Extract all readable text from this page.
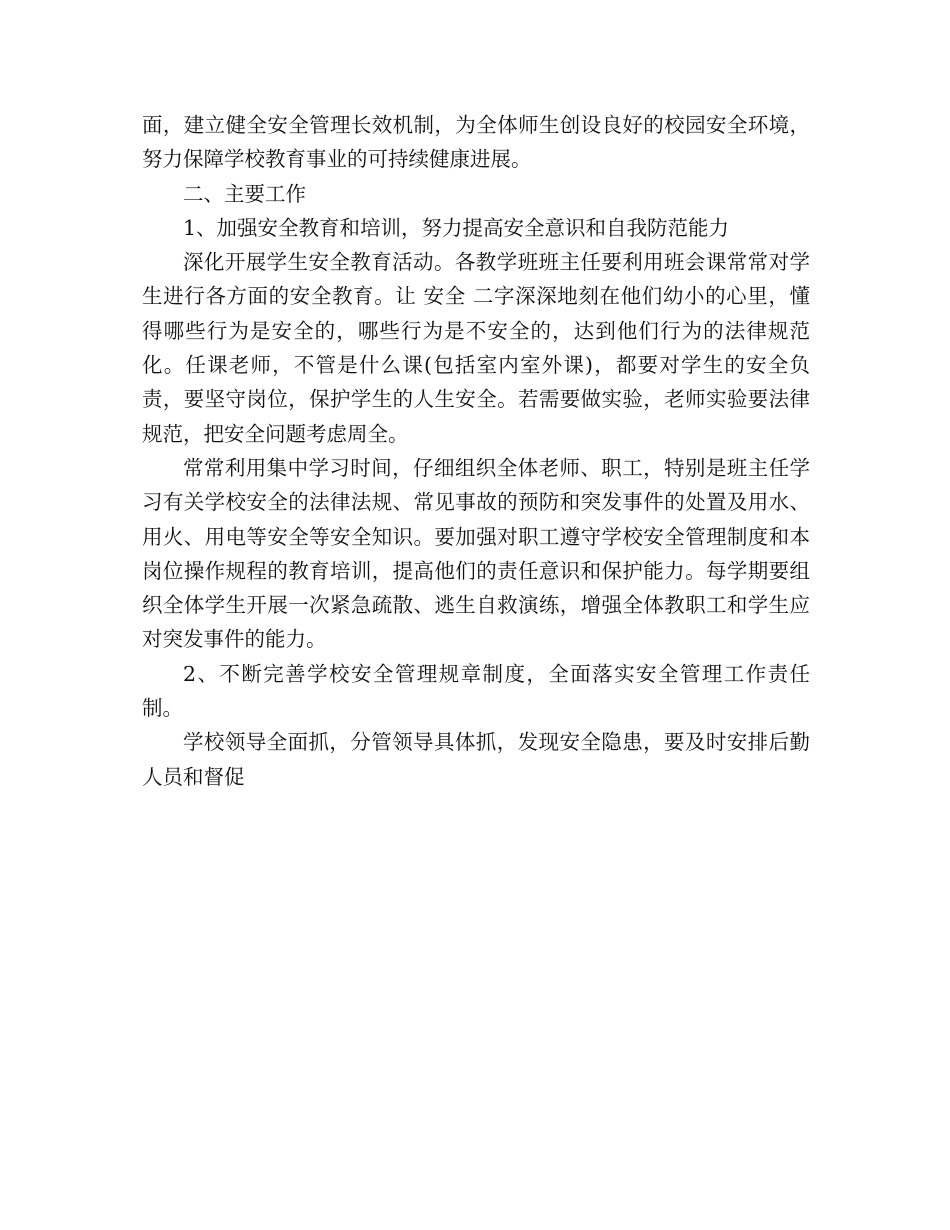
面，建立健全安全管理长效机制，为全体师生创设良好的校园安全环境，努力保障学校教育事业的可持续健康进展。

二、主要工作

1、加强安全教育和培训，努力提高安全意识和自我防范能力

深化开展学生安全教育活动。各教学班班主任要利用班会课常常对学生进行各方面的安全教育。让 安全 二字深深地刻在他们幼小的心里，懂得哪些行为是安全的，哪些行为是不安全的，达到他们行为的法律规范化。任课老师，不管是什么课(包括室内室外课)，都要对学生的安全负责，要坚守岗位，保护学生的人生安全。若需要做实验，老师实验要法律规范，把安全问题考虑周全。

常常利用集中学习时间，仔细组织全体老师、职工，特别是班主任学习有关学校安全的法律法规、常见事故的预防和突发事件的处置及用水、用火、用电等安全等安全知识。要加强对职工遵守学校安全管理制度和本岗位操作规程的教育培训，提高他们的责任意识和保护能力。每学期要组织全体学生开展一次紧急疏散、逃生自救演练，增强全体教职工和学生应对突发事件的能力。

2、不断完善学校安全管理规章制度，全面落实安全管理工作责任制。

学校领导全面抓，分管领导具体抓，发现安全隐患，要及时安排后勤人员和督促
